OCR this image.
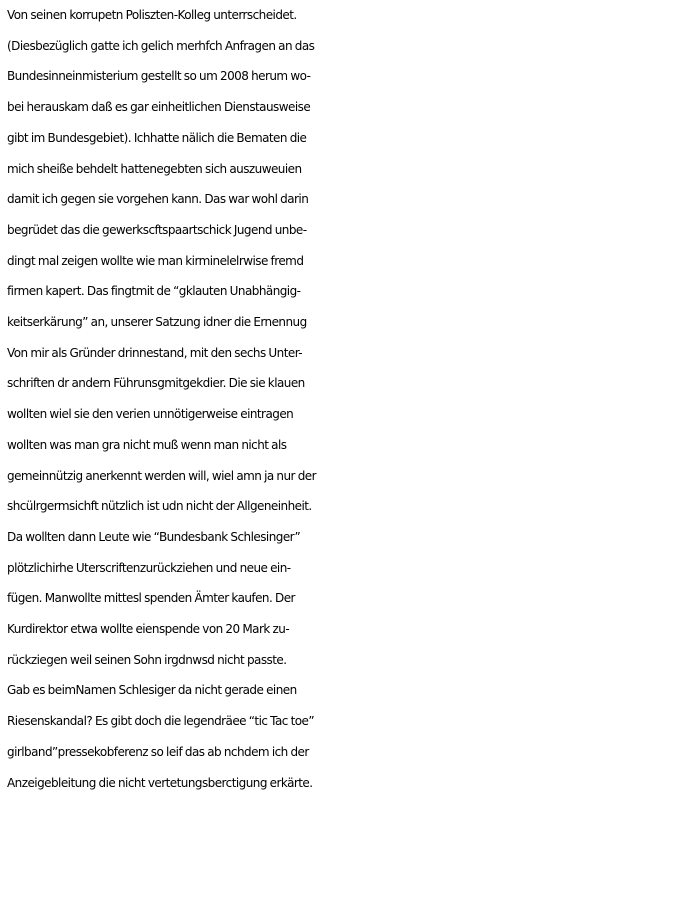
Von seinen korrupetn Poliszten-Kolleg unterrscheidet.
(Diesbezüglich gatte ich gelich merhfch Anfragen an das
Bundesinneinmisterium gestellt so um 2008 herum wo-
bei herauskam daß es gar einheitlichen Dienstausweise
gibt im Bundesgebiet). Ichhatte nälich die Bematen die
mich sheiße behdelt hattenegebten sich auszuweuien
damit ich gegen sie vorgehen kann. Das war wohl darin
begrüdet das die gewerkscftspaartschick Jugend unbe-
dingt mal zeigen wollte wie man kirminelelrwise fremd
firmen kapert. Das fingtmit de “gklauten Unabhängig-
keitserkärung” an, unserer Satzung idner die Ernennug
Von mir als Gründer drinnestand, mit den sechs Unter-
schriften dr andern Führunsgmitgekdier. Die sie klauen
wollten wiel sie den verien unnötigerweise eintragen
wollten was man gra nicht muß wenn man nicht als
gemeinnützig anerkennt werden will, wiel amn ja nur der
shcülrgermsichft nützlich ist udn nicht der Allgeneinheit.
Da wollten dann Leute wie “Bundesbank Schlesinger”
plötzlichirhe Uterscriftenzurückziehen und neue ein-
fügen. Manwollte mittesl spenden Ämter kaufen. Der
Kurdirektor etwa wollte eienspende von 20 Mark zu-
rückziegen weil seinen Sohn irgdnwsd nicht passte.
Gab es beimNamen Schlesiger da nicht gerade einen
Riesenskandal? Es gibt doch die legendräee “tic Tac toe”
girlband”pressekobferenz so leif das ab nchdem ich der
Anzeigebleitung die nicht vertetungsberctigung erkärte.
